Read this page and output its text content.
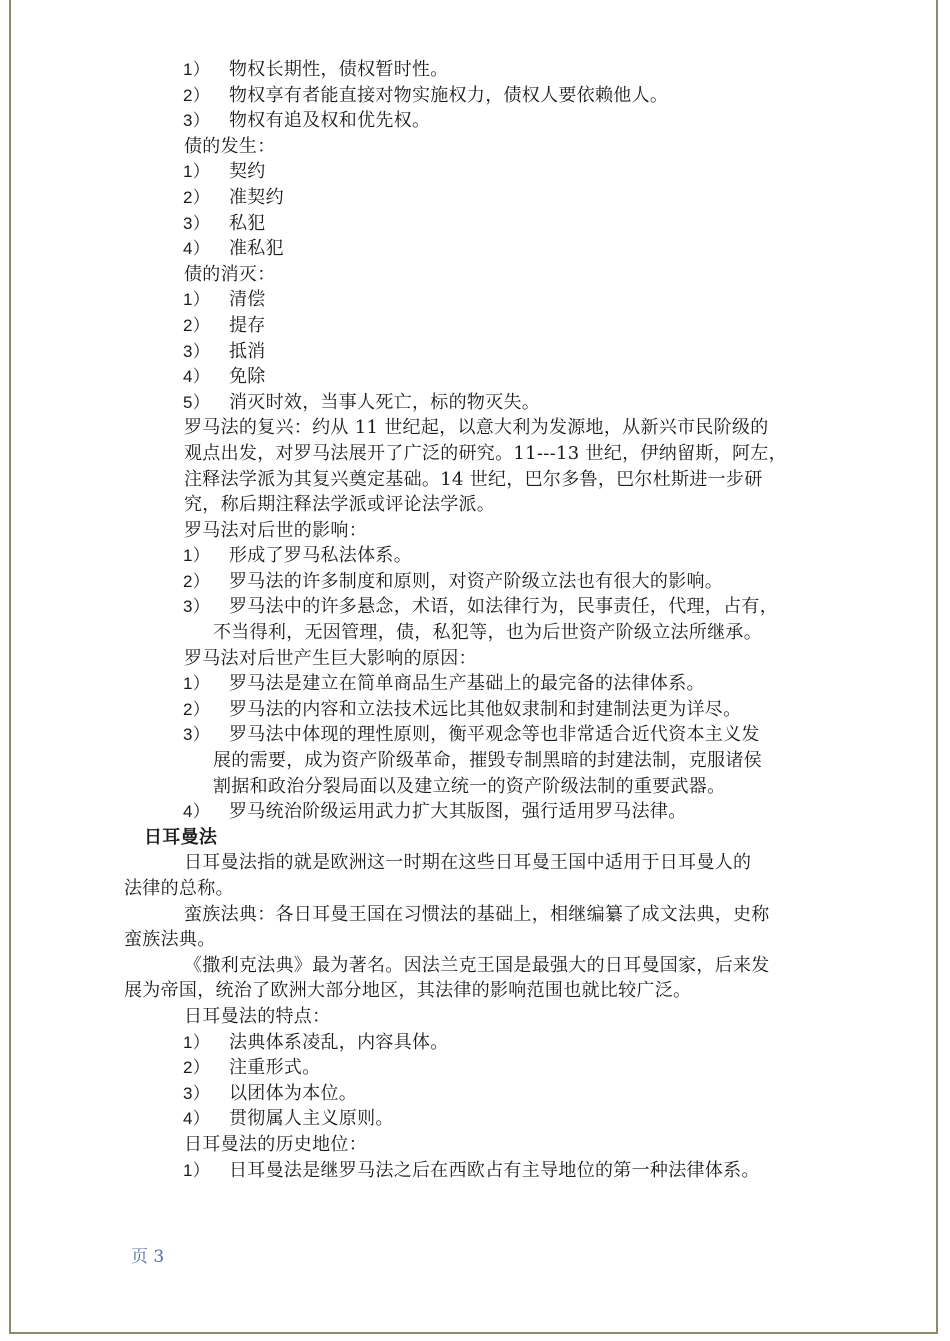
1） 物权长期性，债权暂时性。
2） 物权享有者能直接对物实施权力，债权人要依赖他人。
3） 物权有追及权和优先权。
债的发生：
1） 契约
2） 准契约
3） 私犯
4） 准私犯
债的消灭：
1） 清偿
2） 提存
3） 抵消
4） 免除
5） 消灭时效，当事人死亡，标的物灭失。
罗马法的复兴：约从 11 世纪起，以意大利为发源地，从新兴市民阶级的
观点出发，对罗马法展开了广泛的研究。11---13 世纪，伊纳留斯，阿左，
注释法学派为其复兴奠定基础。14 世纪，巴尔多鲁，巴尔杜斯进一步研
究，称后期注释法学派或评论法学派。
罗马法对后世的影响：
1） 形成了罗马私法体系。
2） 罗马法的许多制度和原则，对资产阶级立法也有很大的影响。
3） 罗马法中的许多悬念，术语，如法律行为，民事责任，代理，占有，
不当得利，无因管理，债，私犯等，也为后世资产阶级立法所继承。
罗马法对后世产生巨大影响的原因：
1） 罗马法是建立在简单商品生产基础上的最完备的法律体系。
2） 罗马法的内容和立法技术远比其他奴隶制和封建制法更为详尽。
3） 罗马法中体现的理性原则，衡平观念等也非常适合近代资本主义发
展的需要，成为资产阶级革命，摧毁专制黑暗的封建法制，克服诸侯
割据和政治分裂局面以及建立统一的资产阶级法制的重要武器。
4） 罗马统治阶级运用武力扩大其版图，强行适用罗马法律。
日耳曼法
日耳曼法指的就是欧洲这一时期在这些日耳曼王国中适用于日耳曼人的
法律的总称。
蛮族法典：各日耳曼王国在习惯法的基础上，相继编纂了成文法典，史称
蛮族法典。
《撒利克法典》最为著名。因法兰克王国是最强大的日耳曼国家，后来发
展为帝国，统治了欧洲大部分地区，其法律的影响范围也就比较广泛。
日耳曼法的特点：
1） 法典体系凌乱，内容具体。
2） 注重形式。
3） 以团体为本位。
4） 贯彻属人主义原则。
日耳曼法的历史地位：
1） 日耳曼法是继罗马法之后在西欧占有主导地位的第一种法律体系。
页 3
